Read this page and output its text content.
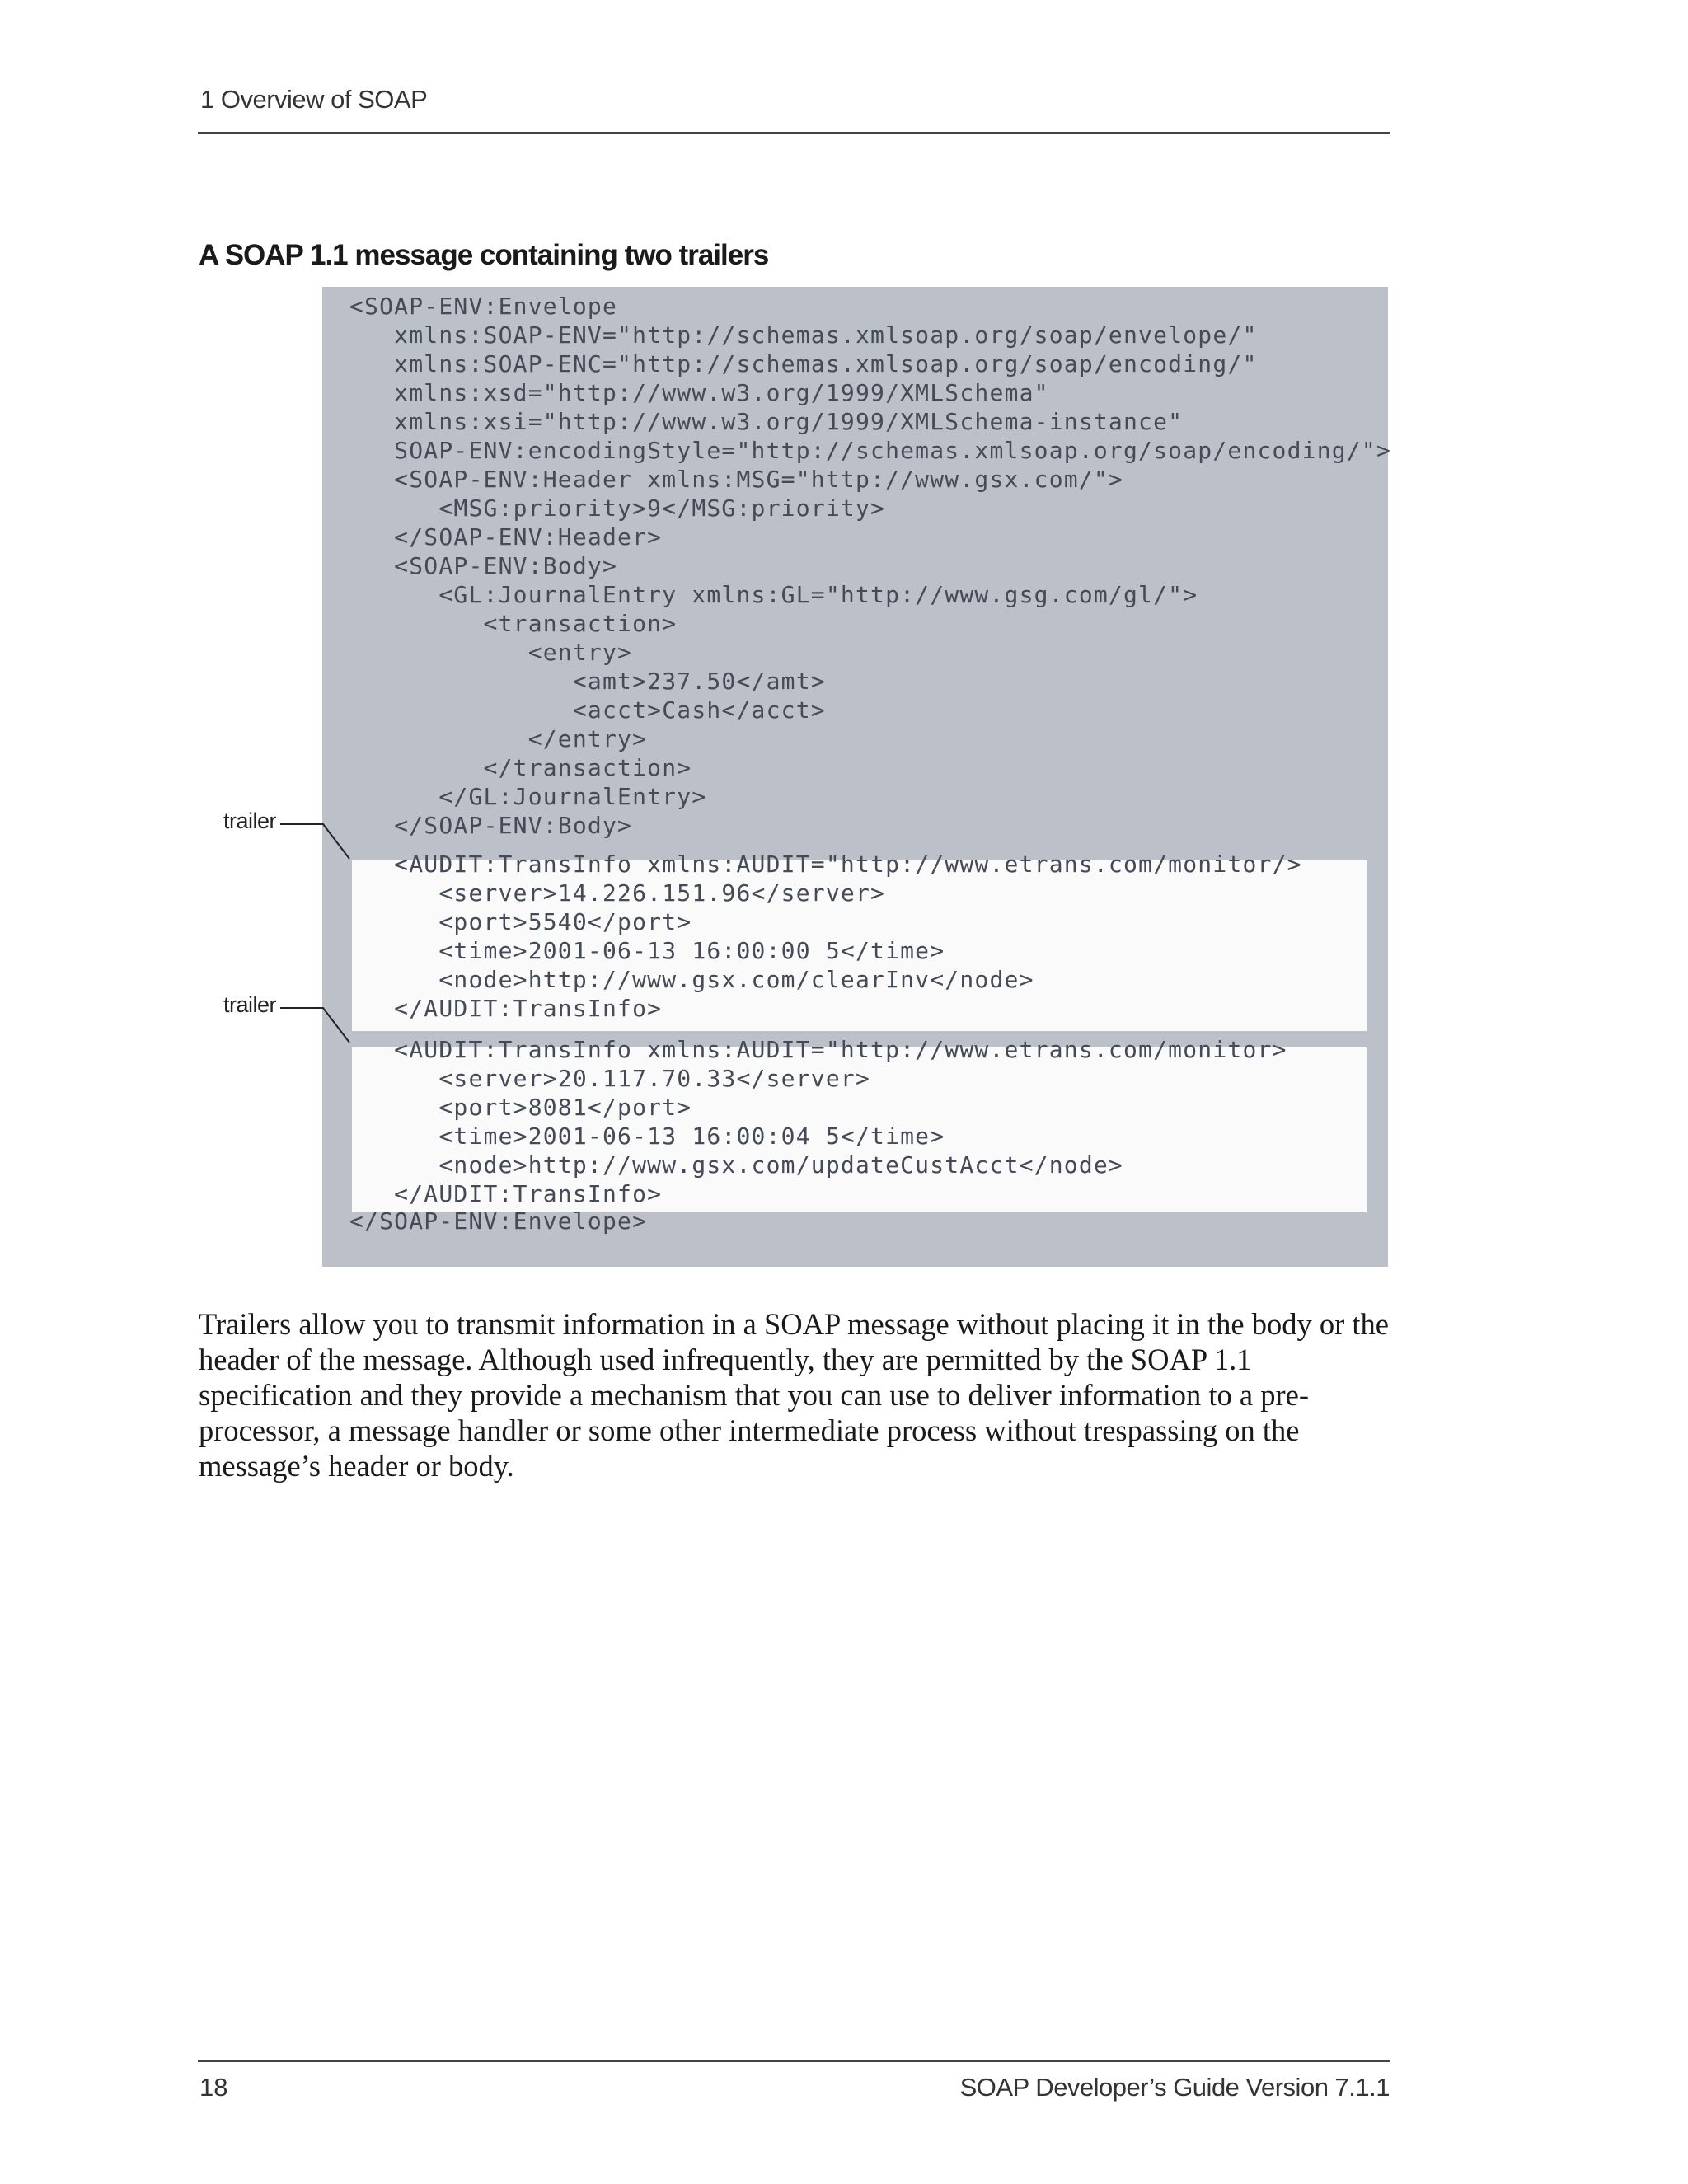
1 Overview of SOAP
A SOAP 1.1 message containing two trailers
<SOAP-ENV:Envelope
xmlns:SOAP-ENV="http://schemas.xmlsoap.org/soap/envelope/"
xmlns:SOAP-ENC="http://schemas.xmlsoap.org/soap/encoding/"
xmlns:xsd="http://www.w3.org/1999/XMLSchema"
xmlns:xsi="http://www.w3.org/1999/XMLSchema-instance"
SOAP-ENV:encodingStyle="http://schemas.xmlsoap.org/soap/encoding/">
<SOAP-ENV:Header xmlns:MSG="http://www.gsx.com/">
<MSG:priority>9</MSG:priority>
</SOAP-ENV:Header>
<SOAP-ENV:Body>
<GL:JournalEntry xmlns:GL="http://www.gsg.com/gl/">
<transaction>
<entry>
<amt>237.50</amt>
<acct>Cash</acct>
</entry>
</transaction>
</GL:JournalEntry>
</SOAP-ENV:Body>
<AUDIT:TransInfo xmlns:AUDIT="http://www.etrans.com/monitor/>
<server>14.226.151.96</server>
<port>5540</port>
<time>2001-06-13 16:00:00 5</time>
<node>http://www.gsx.com/clearInv</node>
</AUDIT:TransInfo>
<AUDIT:TransInfo xmlns:AUDIT="http://www.etrans.com/monitor>
<server>20.117.70.33</server>
<port>8081</port>
<time>2001-06-13 16:00:04 5</time>
<node>http://www.gsx.com/updateCustAcct</node>
</AUDIT:TransInfo>
</SOAP-ENV:Envelope>
trailer
trailer

Trailers allow you to transmit information in a SOAP message without placing it in the body or the header of the message. Although used infrequently, they are permitted by the SOAP 1.1 specification and they provide a mechanism that you can use to deliver information to a pre-processor, a message handler or some other intermediate process without trespassing on the message’s header or body.

18	SOAP Developer’s Guide Version 7.1.1
